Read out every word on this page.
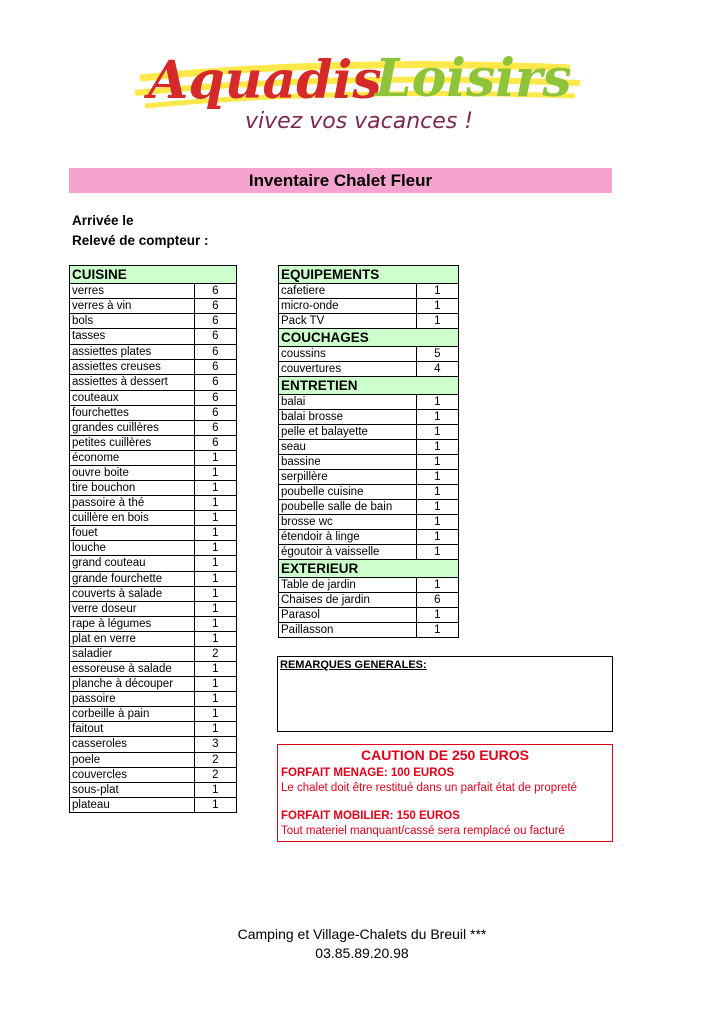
Aquadis
Loisirs
vivez vos vacances !
Inventaire Chalet Fleur
Arrivée le
Relevé de compteur :
CUISINE	
verres	6
verres à vin	6
bols	6
tasses	6
assiettes plates	6
assiettes creuses	6
assiettes à dessert	6
couteaux	6
fourchettes	6
grandes cuillères	6
petites cuillères	6
économe	1
ouvre boite	1
tire bouchon	1
passoire à thé	1
cuillère en bois	1
fouet	1
louche	1
grand couteau	1
grande fourchette	1
couverts à salade	1
verre doseur	1
rape à légumes	1
plat en verre	1
saladier	2
essoreuse à salade	1
planche à découper	1
passoire	1
corbeille à pain	1
faitout	1
casseroles	3
poele	2
couvercles	2
sous-plat	1
plateau	1
EQUIPEMENTS	
cafetiere	1
micro-onde	1
Pack TV	1
COUCHAGES	
coussins	5
couvertures	4
ENTRETIEN	
balai	1
balai brosse	1
pelle et balayette	1
seau	1
bassine	1
serpillère	1
poubelle cuisine	1
poubelle salle de bain	1
brosse wc	1
étendoir à linge	1
égoutoir à vaisselle	1
EXTERIEUR	
Table de jardin	1
Chaises de jardin	6
Parasol	1
Paillasson	1
REMARQUES GENERALES:
CAUTION DE 250 EUROS
FORFAIT MENAGE: 100 EUROS
Le chalet doit être restitué dans un parfait état de propreté
FORFAIT MOBILIER: 150 EUROS
Tout materiel manquant/cassé sera remplacé ou facturé
Camping et Village-Chalets du Breuil ***
03.85.89.20.98
